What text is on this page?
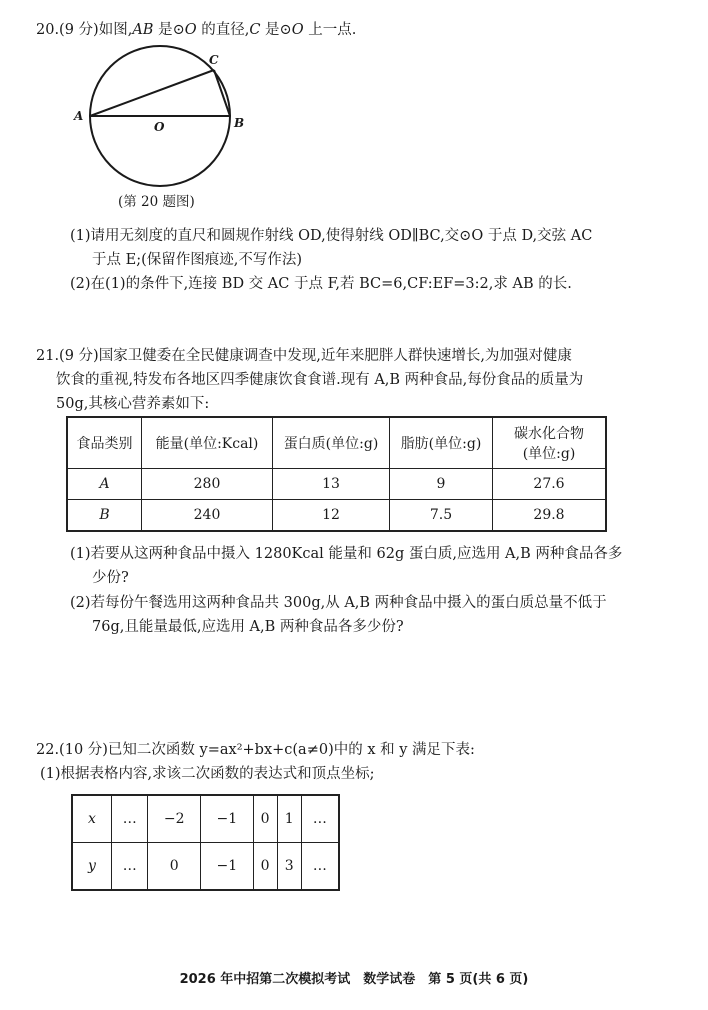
20.(9 分)如图,AB 是⊙O 的直径,C 是⊙O 上一点.
A	B
C
O
(第 20 题图)
(1)请用无刻度的直尺和圆规作射线 OD,使得射线 OD∥BC,交⊙O 于点 D,交弦 AC
于点 E;(保留作图痕迹,不写作法)
(2)在(1)的条件下,连接 BD 交 AC 于点 F,若 BC=6,CF:EF=3:2,求 AB 的长.
21.(9 分)国家卫健委在全民健康调查中发现,近年来肥胖人群快速增长,为加强对健康
饮食的重视,特发布各地区四季健康饮食食谱.现有 A,B 两种食品,每份食品的质量为
50g,其核心营养素如下:
食品类别	能量(单位:Kcal)	蛋白质(单位:g)	脂肪(单位:g)	碳水化合物
(单位:g)

A	280	13	9	27.6
B	240	12	7.5	29.8
(1)若要从这两种食品中摄入 1280Kcal 能量和 62g 蛋白质,应选用 A,B 两种食品各多
少份?
(2)若每份午餐选用这两种食品共 300g,从 A,B 两种食品中摄入的蛋白质总量不低于
76g,且能量最低,应选用 A,B 两种食品各多少份?
22.(10 分)已知二次函数 y=ax²+bx+c(a≠0)中的 x 和 y 满足下表:
(1)根据表格内容,求该二次函数的表达式和顶点坐标;
x	…	−2	−1	0	1	…
y	…	0	−1	0	3	…
2026 年中招第二次模拟考试　数学试卷　第 5 页(共 6 页)
